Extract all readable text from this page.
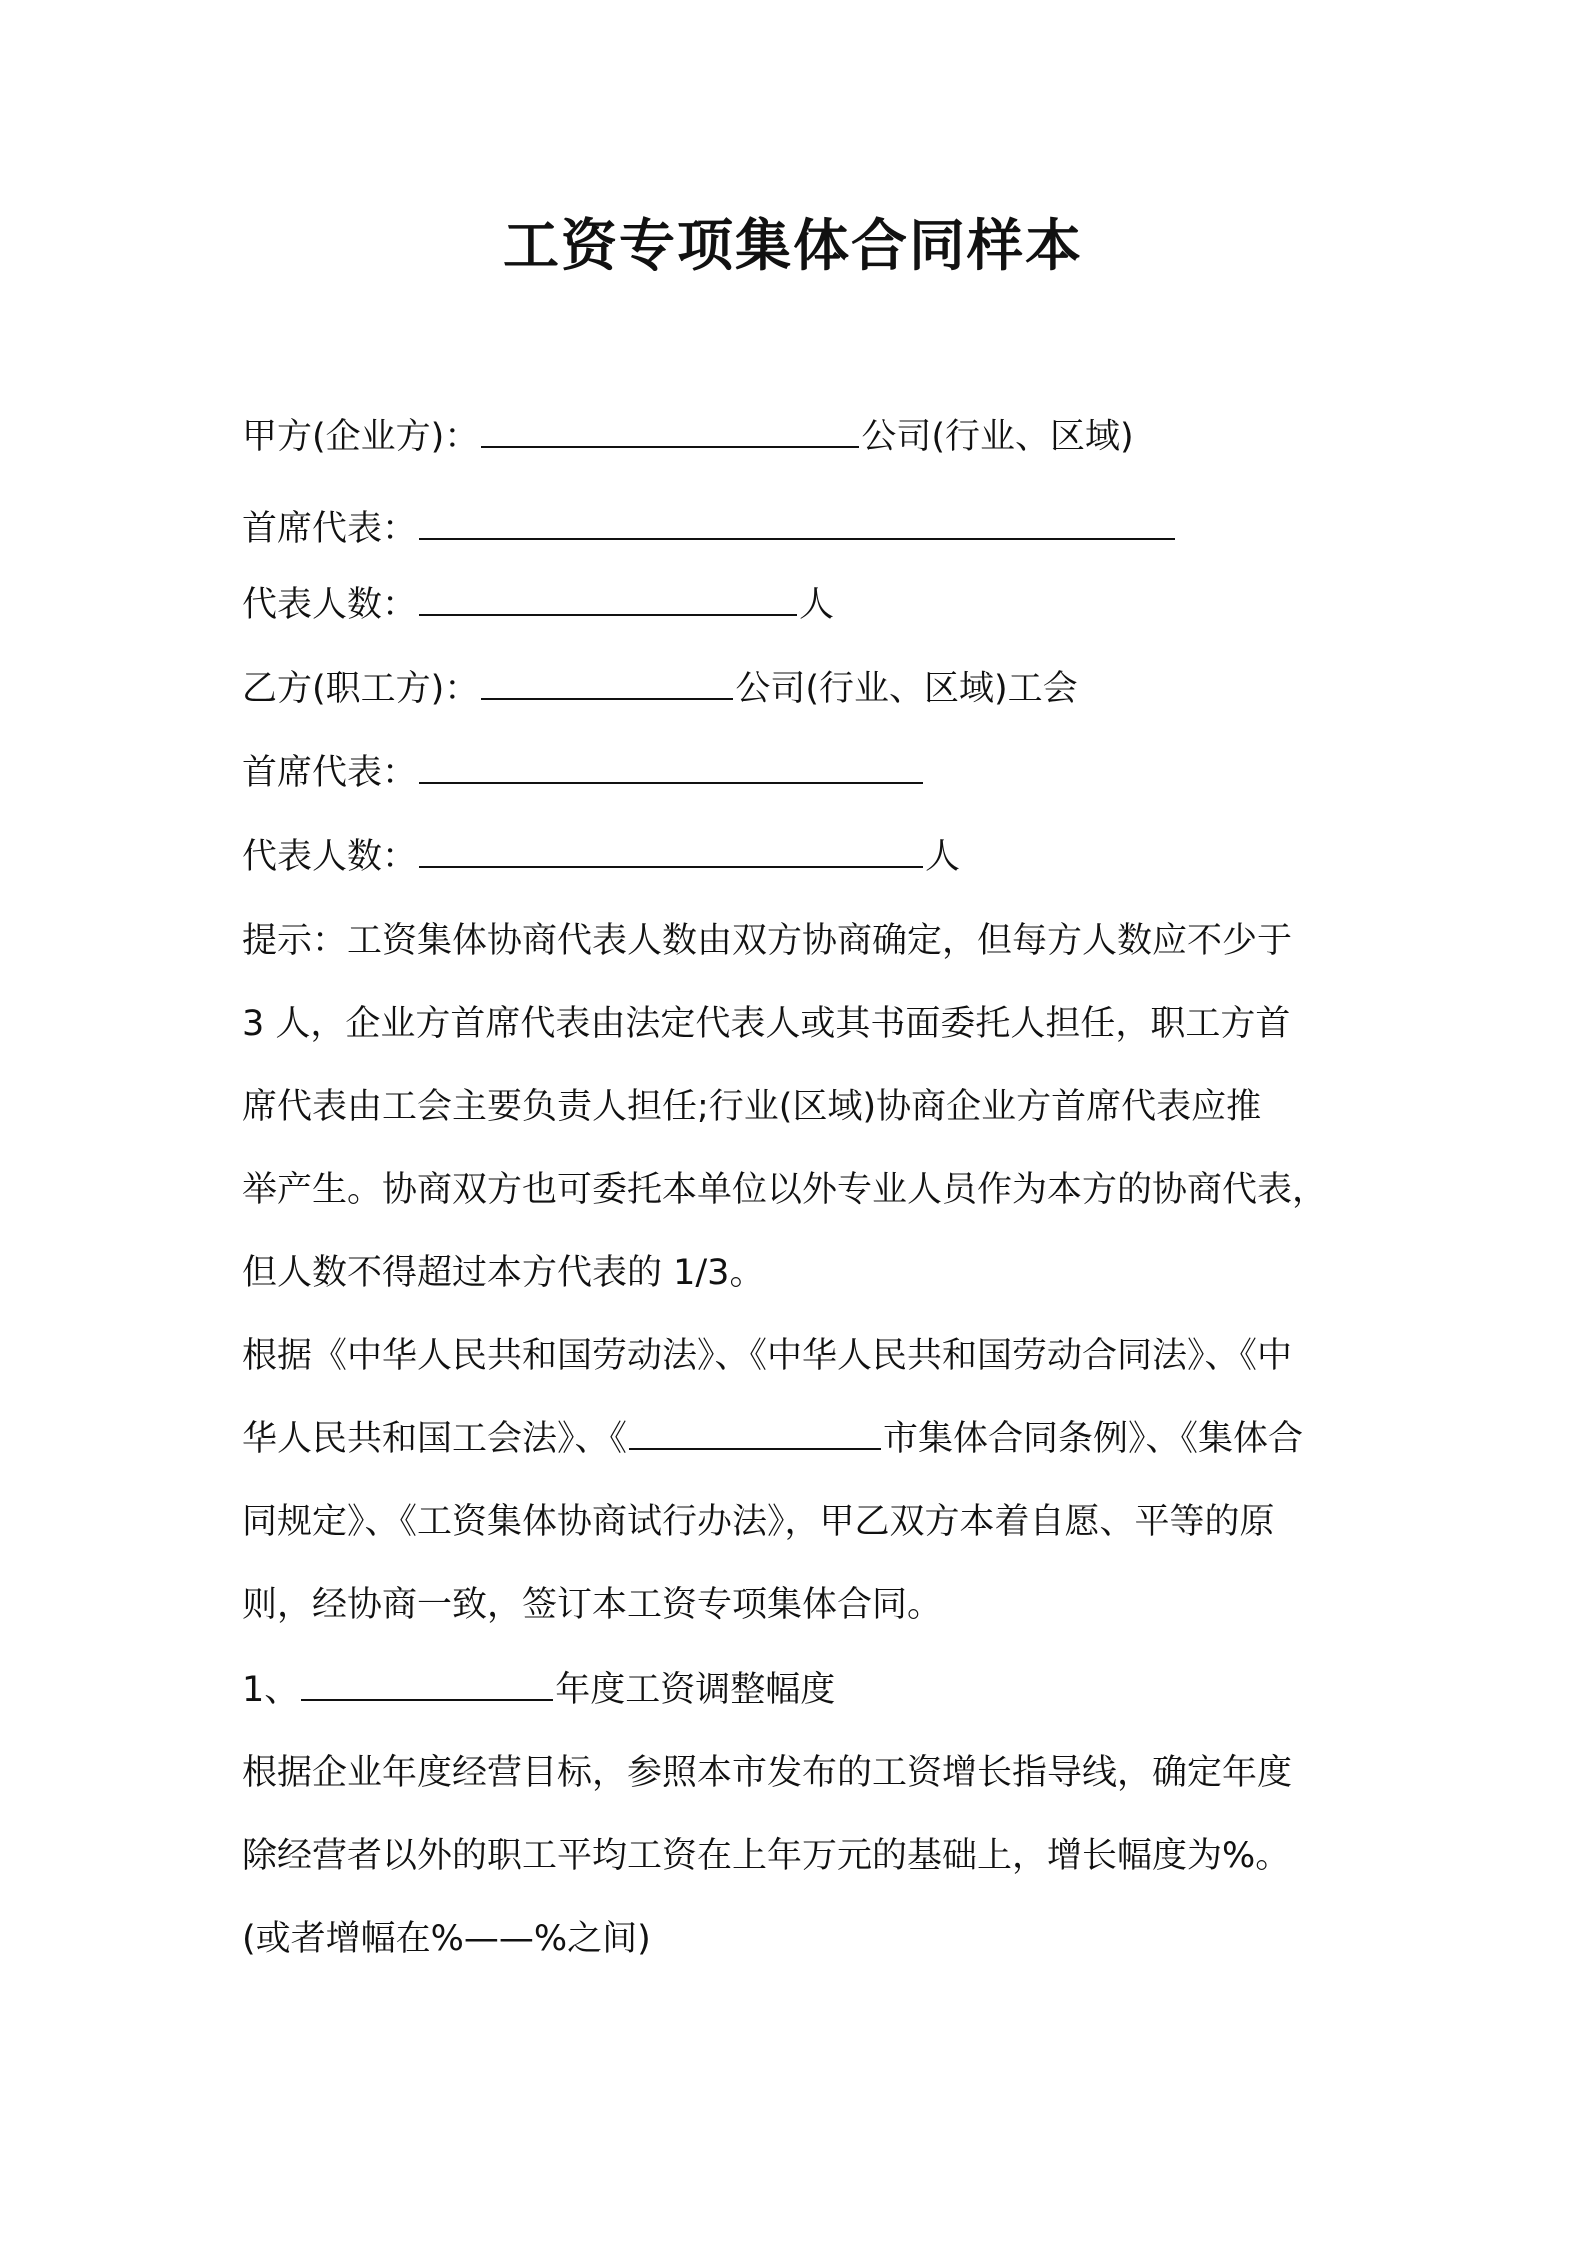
工资专项集体合同样本
甲方(企业方)：	公司(行业、区域)
首席代表：
代表人数：	人
乙方(职工方)：	公司(行业、区域)工会
首席代表：
代表人数：	人
提示：工资集体协商代表人数由双方协商确定，但每方人数应不少于
3 人，企业方首席代表由法定代表人或其书面委托人担任，职工方首
席代表由工会主要负责人担任;行业(区域)协商企业方首席代表应推
举产生。协商双方也可委托本单位以外专业人员作为本方的协商代表，
但人数不得超过本方代表的 1/3。
根据《中华人民共和国劳动法》、《中华人民共和国劳动合同法》、《中
华人民共和国工会法》、《	市集体合同条例》、《集体合
同规定》、《工资集体协商试行办法》，甲乙双方本着自愿、平等的原
则，经协商一致，签订本工资专项集体合同。
1、	年度工资调整幅度
根据企业年度经营目标，参照本市发布的工资增长指导线，确定年度
除经营者以外的职工平均工资在上年万元的基础上，增长幅度为%。
(或者增幅在%——%之间)
